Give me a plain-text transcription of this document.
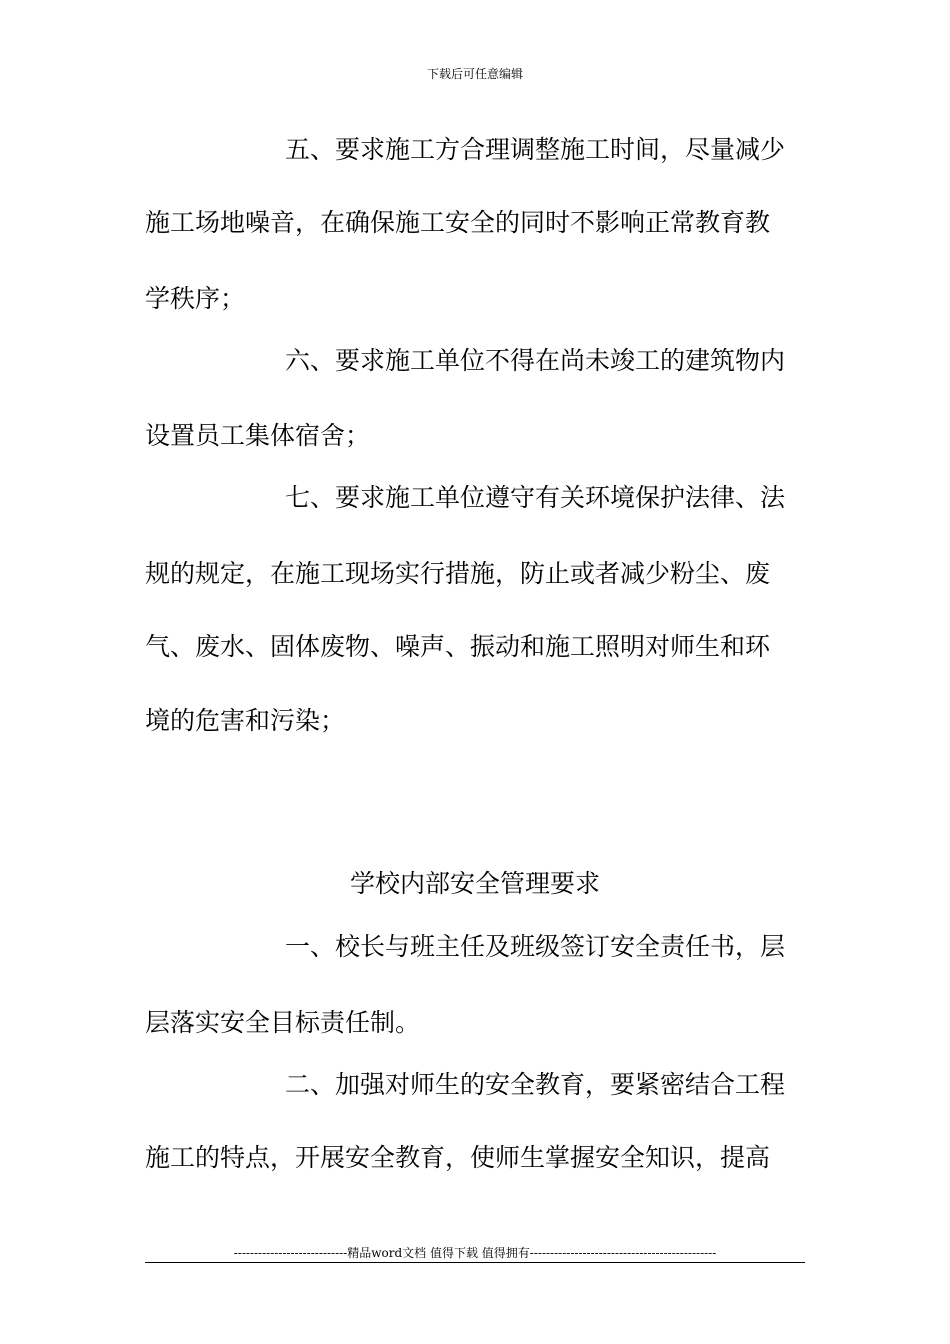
下载后可任意编辑
五、要求施工方合理调整施工时间，尽量减少
施工场地噪音，在确保施工安全的同时不影响正常教育教
学秩序；
六、要求施工单位不得在尚未竣工的建筑物内
设置员工集体宿舍；
七、要求施工单位遵守有关环境保护法律、法
规的规定，在施工现场实行措施，防止或者减少粉尘、废
气、废水、固体废物、噪声、振动和施工照明对师生和环
境的危害和污染；
学校内部安全管理要求
一、校长与班主任及班级签订安全责任书，层
层落实安全目标责任制。
二、加强对师生的安全教育，要紧密结合工程
施工的特点，开展安全教育，使师生掌握安全知识，提高
----------------------------精品word文档 值得下载 值得拥有----------------------------------------------
